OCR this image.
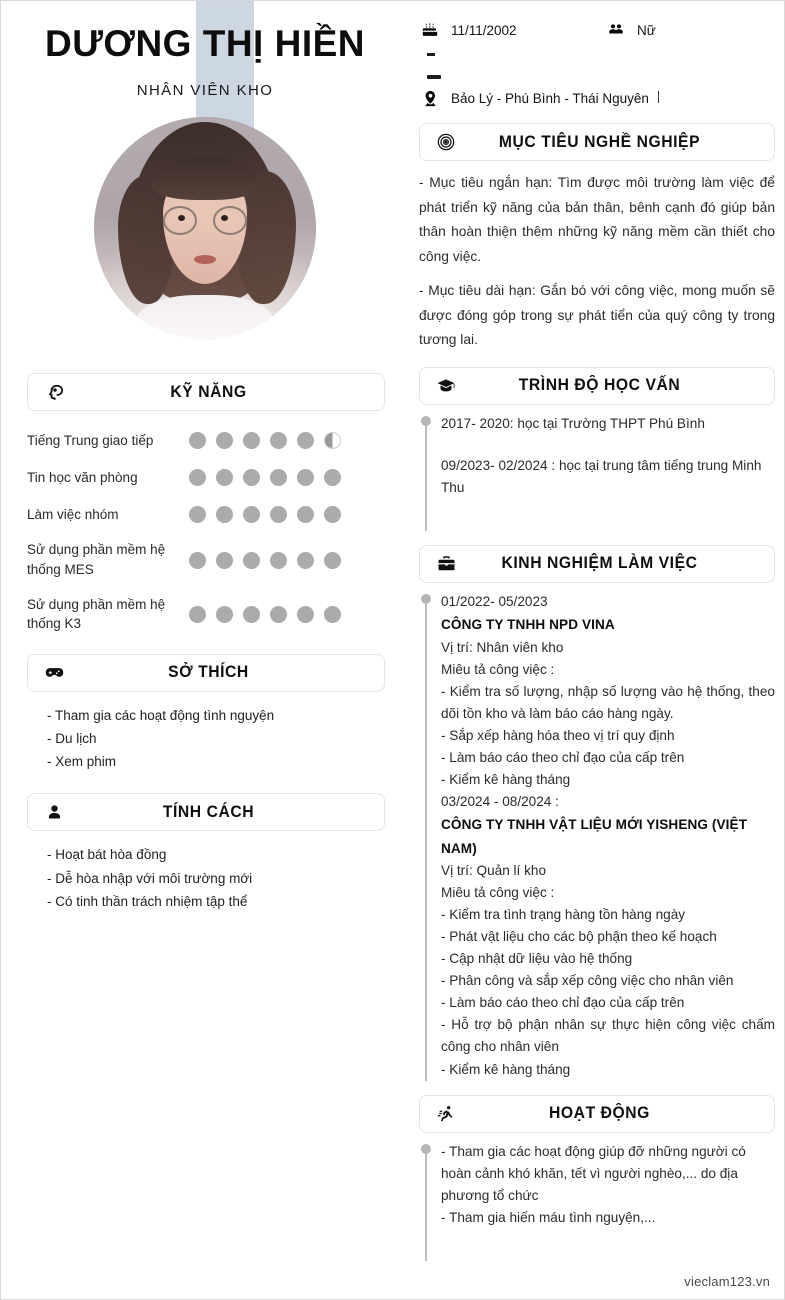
DƯƠNG THỊ HIỀN
NHÂN VIÊN KHO
KỸ NĂNG
Tiếng Trung giao tiếp
Tin học văn phòng
Làm việc nhóm
Sử dụng phần mềm hệ thống MES
Sử dụng phần mềm hệ thống K3
SỞ THÍCH
- Tham gia các hoạt động tình nguyện
- Du lịch
- Xem phim
TÍNH CÁCH
- Hoạt bát hòa đồng
- Dễ hòa nhập với môi trường mới
- Có tinh thần trách nhiệm tập thể
11/11/2002	Nữ
Bảo Lý - Phú Bình - Thái Nguyên
MỤC TIÊU NGHỀ NGHIỆP

- Mục tiêu ngắn hạn: Tìm được môi trường làm việc để phát triển kỹ năng của bản thân, bênh cạnh đó giúp bản thân hoàn thiện thêm những kỹ năng mềm cần thiết cho công việc.

- Mục tiêu dài hạn: Gắn bó với công việc, mong muốn sẽ được đóng góp trong sự phát tiển của quý công ty trong tương lai.

TRÌNH ĐỘ HỌC VẤN
2017- 2020: học tại Trường THPT Phú Bình
09/2023- 02/2024 : học tại trung tâm tiếng trung Minh Thu
KINH NGHIỆM LÀM VIỆC
01/2022- 05/2023
CÔNG TY TNHH NPD VINA
Vị trí: Nhân viên kho
Miêu tả công việc :
- Kiểm tra số lượng, nhập số lượng vào hệ thống, theo dõi tồn kho và làm báo cáo hàng ngày.
- Sắp xếp hàng hóa theo vị trí quy định
- Làm báo cáo theo chỉ đạo của cấp trên
- Kiểm kê hàng tháng
03/2024 - 08/2024 :
CÔNG TY TNHH VẬT LIỆU MỚI YISHENG (VIỆT NAM)
Vị trí: Quản lí kho
Miêu tả công việc :
- Kiểm tra tình trạng hàng tồn hàng ngày
- Phát vật liệu cho các bộ phận theo kế hoạch
- Cập nhật dữ liệu vào hệ thống
- Phân công và sắp xếp công việc cho nhân viên
- Làm báo cáo theo chỉ đạo của cấp trên
- Hỗ trợ bộ phận nhân sự thực hiện công việc chấm công cho nhân viên
- Kiểm kê hàng tháng
HOẠT ĐỘNG
- Tham gia các hoạt động giúp đỡ những người có hoàn cảnh khó khăn, tết vì người nghèo,... do địa phương tổ chức
- Tham gia hiến máu tình nguyện,...
vieclam123.vn
